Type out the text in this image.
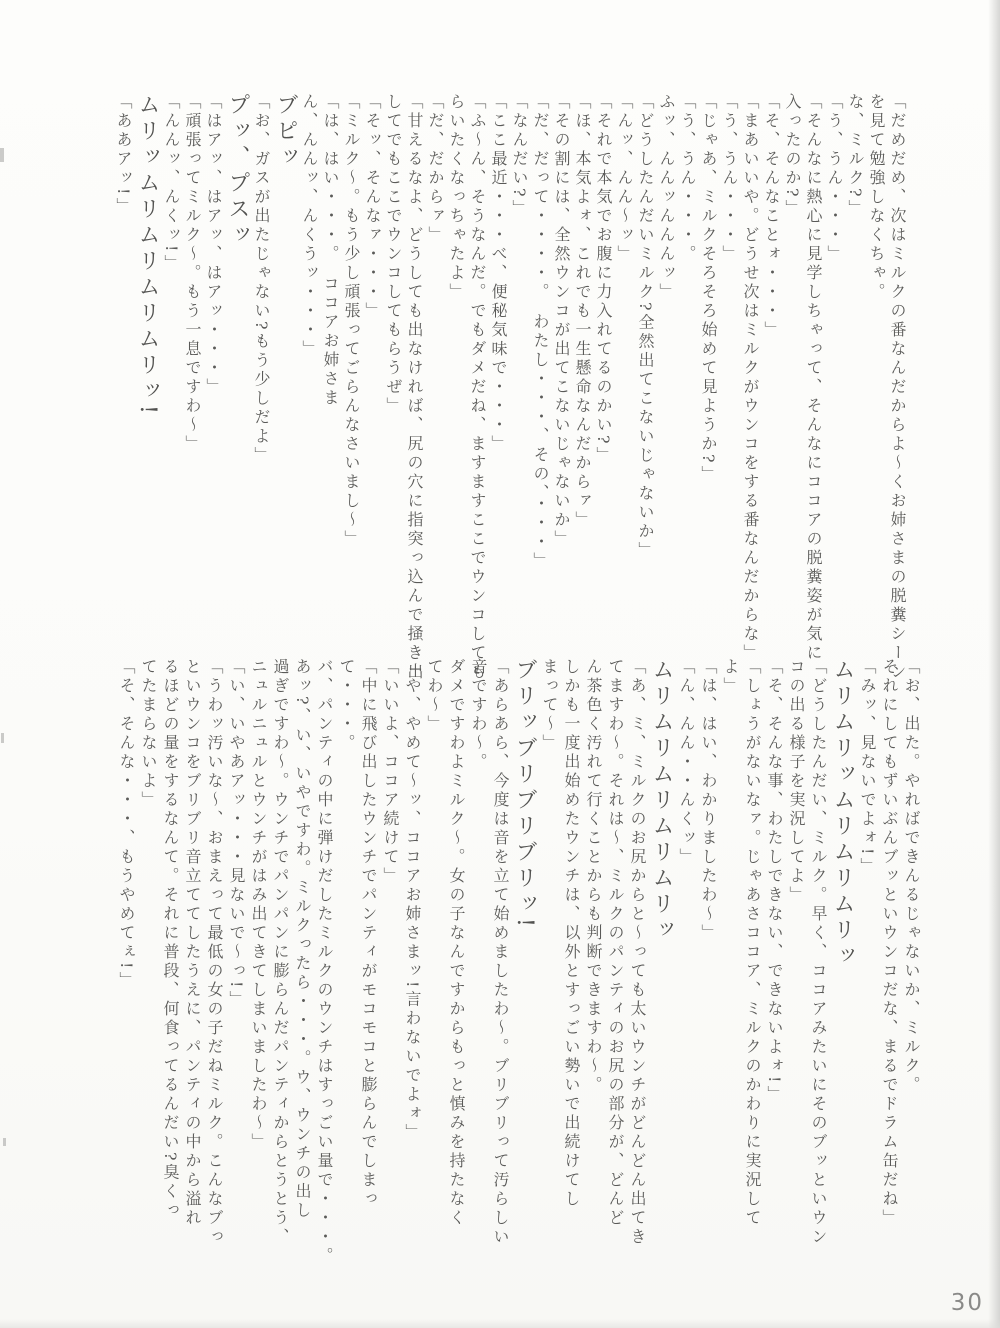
「だめだめ、次はミルクの番なんだからよ〜くお姉さまの脱糞シーン

を見て勉強しなくちゃ。

な、ミルク?」

「う、うん・・・」

「そんなに熱心に見学しちゃって、そんなにココアの脱糞姿が気に

入ったのか?」

「そ、そんなことォ・・・」

「まあいいや。どうせ次はミルクがウンコをする番なんだからな」

「う、うん・・・」

「じゃあ、ミルクそろそろ始めて見ようか?」

「う、うん・・・。

ふッ、んんッんんんッ」

「どうしたんだいミルク?全然出てこないじゃないか」

「んッ、んん〜ッ」

「それで本気でお腹に力入れてるのかい?」

「ほ、本気よォ、これでも一生懸命なんだからァ」

「その割には、全然ウンコが出てこないじゃないか」

「だ、だって・・・・。　わたし・・・、その、・・・」

「なんだい?」

「ここ最近・・・べ、便秘気味で・・・」

「ふ〜ん、そうなんだ。でもダメだね、ますますここでウンコしても

らいたくなっちゃたよ」

「だ、だからァ」

「甘えるなよ、どうしても出なければ、尻の穴に指突っ込んで掻き出

してでもここでウンコしてもらうぜ」

「そッ、そんなァ・・・」

「ミルク〜。もう少し頑張ってごらんなさいまし〜」

「は、はい・・・。　ココアお姉さま

ん、んんッ、んくうッ・・・」

ブピッ

「お、ガスが出たじゃない?もう少しだよ」

プッ、プスッ

「はアッ、はアッ、はアッ・・・」

「頑張ってミルク〜。もう一息ですわ〜」

「んんッ、んくッ!」

ムリッムリムリムリムリッ!

「ああアッ!」

「お、出た。やればできんるじゃないか、ミルク。

それにしてもずいぶんブッといウンコだな、まるでドラム缶だね」

「みッ、見ないでよォ!」

ムリムリッムリムリムリッ

「どうしたんだい、ミルク。早く、ココアみたいにそのブッといウン

コの出る様子を実況してよ」

「そ、そんな事、わたしできない、できないよォ!」

「しょうがないなァ。じゃあさココア、ミルクのかわりに実況して

よ」

「は、はい、わかりましたわ〜」

「ん、んん・・んくッ」

ムリムリムリムリムリッ

「あ、ミ、ミルクのお尻からと〜っても太いウンチがどんどん出てき

てますわ〜。それは〜、ミルクのパンティのお尻の部分が、どんど

ん茶色く汚れて行くことからも判断できますわ〜。

しかも一度出始めたウンチは、以外とすっごい勢いで出続けてし

まって〜」

ブリッブリブリブリッ!

「あらあら、今度は音を立て始めましたわ〜。ブリブリって汚らしい

音ですわ〜。

ダメですわよミルク〜。女の子なんですからもっと慎みを持たなく

てわ〜」

「や、やめて〜ッ、ココアお姉さまッ!言わないでよォ」

「いいよ、ココア続けて」

「中に飛び出したウンチでパンティがモコモコと膨らんでしまっ

て・・・。

バ、パンティの中に弾けだしたミルクのウンチはすっごい量で・・・。

あッ?、い、いやですわ。ミルクったら・・・。ウ、ウンチの出し

過ぎですわ〜。ウンチでパンパンに膨らんだパンティからとうとう、

ニュルニュルとウンチがはみ出てきてしまいましたわ〜」

「い、いやあアッ・・・見ないで〜っ!」

「うわッ汚いな〜、おまえって最低の女の子だねミルク。こんなブっ

といウンコをブリブリ音立ててしたうえに、パンティの中から溢れ

るほどの量をするなんて。それに普段、何食ってるんだい?臭くっ

てたまらないよ」

「そ、そんな・・・、もうやめてぇ!」

30
